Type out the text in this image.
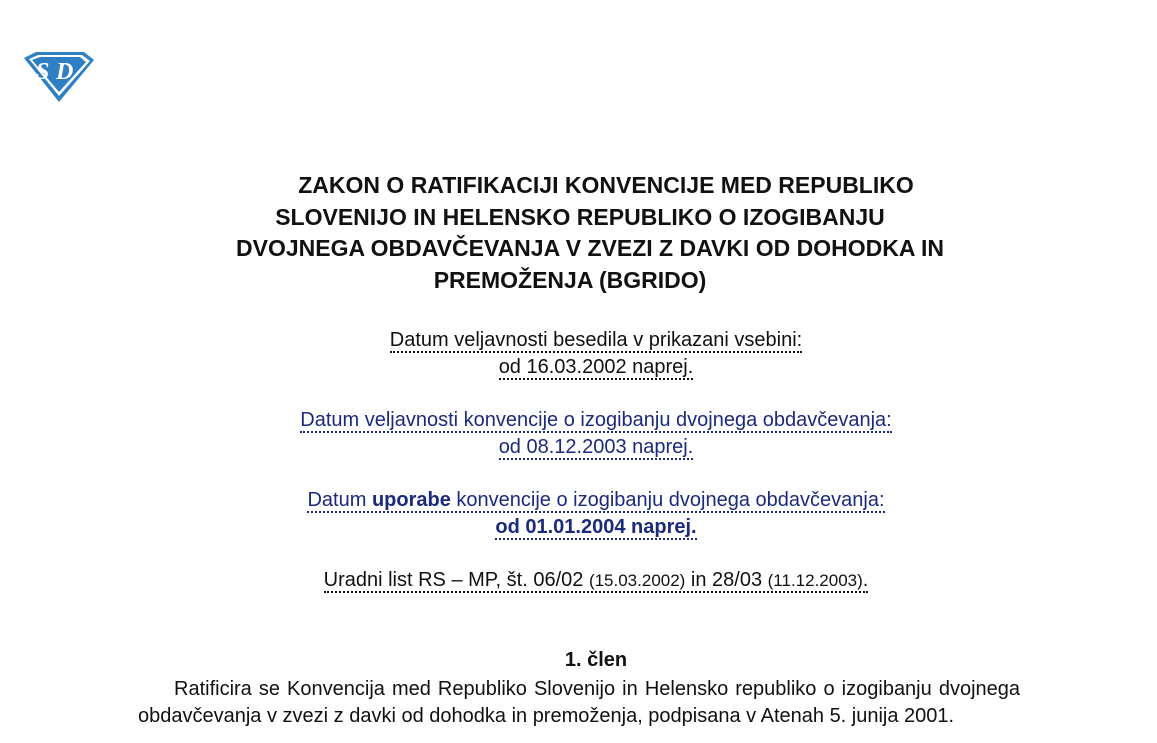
S D
ZAKON O RATIFIKACIJI KONVENCIJE MED REPUBLIKO
SLOVENIJO IN HELENSKO REPUBLIKO O IZOGIBANJU
DVOJNEGA OBDAVČEVANJA V ZVEZI Z DAVKI OD DOHODKA IN
PREMOŽENJA (BGRIDO)
Datum veljavnosti besedila v prikazani vsebini:
od 16.03.2002 naprej.
Datum veljavnosti konvencije o izogibanju dvojnega obdavčevanja:
od 08.12.2003 naprej.
Datum uporabe konvencije o izogibanju dvojnega obdavčevanja:
od 01.01.2004 naprej.
Uradni list RS – MP, št. 06/02 (15.03.2002) in 28/03 (11.12.2003).
1. člen

Ratificira se Konvencija med Republiko Slovenijo in Helensko republiko o izogibanju dvojnega obdavčevanja v zvezi z davki od dohodka in premoženja, podpisana v Atenah 5. junija 2001.
